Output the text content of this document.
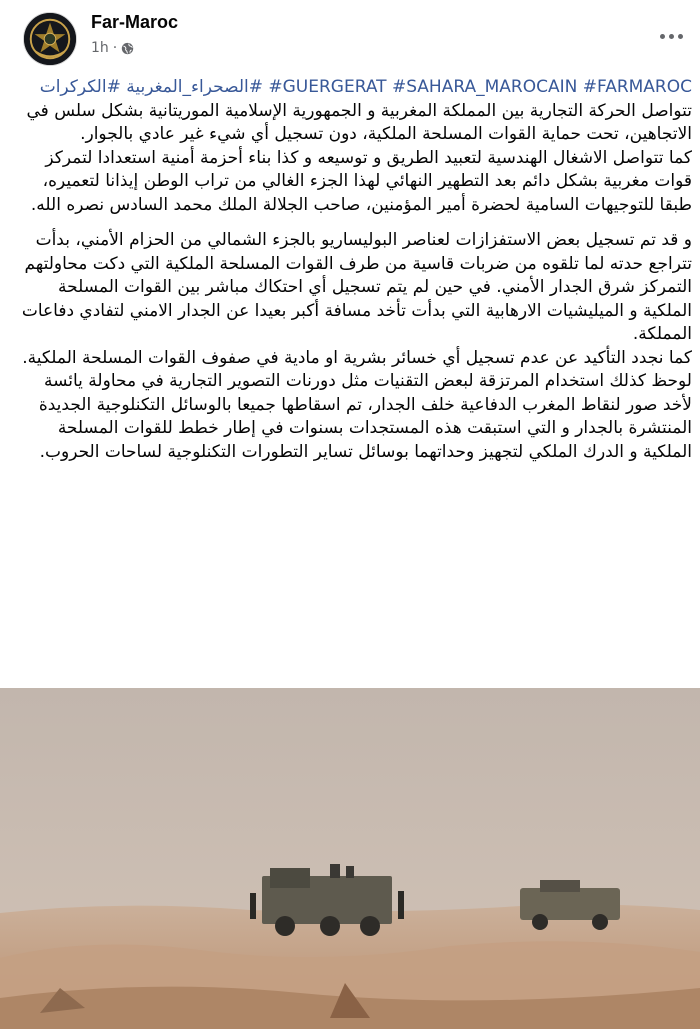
Far-Maroc
1h ·
#FARMAROC #SAHARA_MAROCAIN #GUERGERAT #الصحراء_المغربية #الكركرات

تتواصل الحركة التجارية بين المملكة المغربية و الجمهورية الإسلامية الموريتانية بشكل سلس في الاتجاهين، تحت حماية القوات المسلحة الملكية، دون تسجيل أي شيء غير عادي بالجوار.

كما تتواصل الاشغال الهندسية لتعبيد الطريق و توسيعه و كذا بناء أحزمة أمنية استعدادا لتمركز قوات مغربية بشكل دائم بعد التطهير النهائي لهذا الجزء الغالي من تراب الوطن إيذانا لتعميره، طبقا للتوجيهات السامية لحضرة أمير المؤمنين، صاحب الجلالة الملك محمد السادس نصره الله.

و قد تم تسجيل بعض الاستفزازات لعناصر البوليساريو بالجزء الشمالي من الحزام الأمني، بدأت تتراجع حدته لما تلقوه من ضربات قاسية من طرف القوات المسلحة الملكية التي دكت محاولتهم التمركز شرق الجدار الأمني. في حين لم يتم تسجيل أي احتكاك مباشر بين القوات المسلحة الملكية و الميليشيات الارهابية التي بدأت تأخد مسافة أكبر بعيدا عن الجدار الامني لتفادي دفاعات المملكة.

كما نجدد التأكيد عن عدم تسجيل أي خسائر بشرية او مادية في صفوف القوات المسلحة الملكية.

لوحظ كذلك استخدام المرتزقة لبعض التقنيات مثل دورنات التصوير التجارية في محاولة يائسة لأخد صور لنقاط المغرب الدفاعية خلف الجدار، تم اسقاطها جميعا بالوسائل التكنلوجية الجديدة المنتشرة بالجدار و التي استبقت هذه المستجدات بسنوات في إطار خطط للقوات المسلحة الملكية و الدرك الملكي لتجهيز وحداتهما بوسائل تساير التطورات التكنلوجية لساحات الحروب.
